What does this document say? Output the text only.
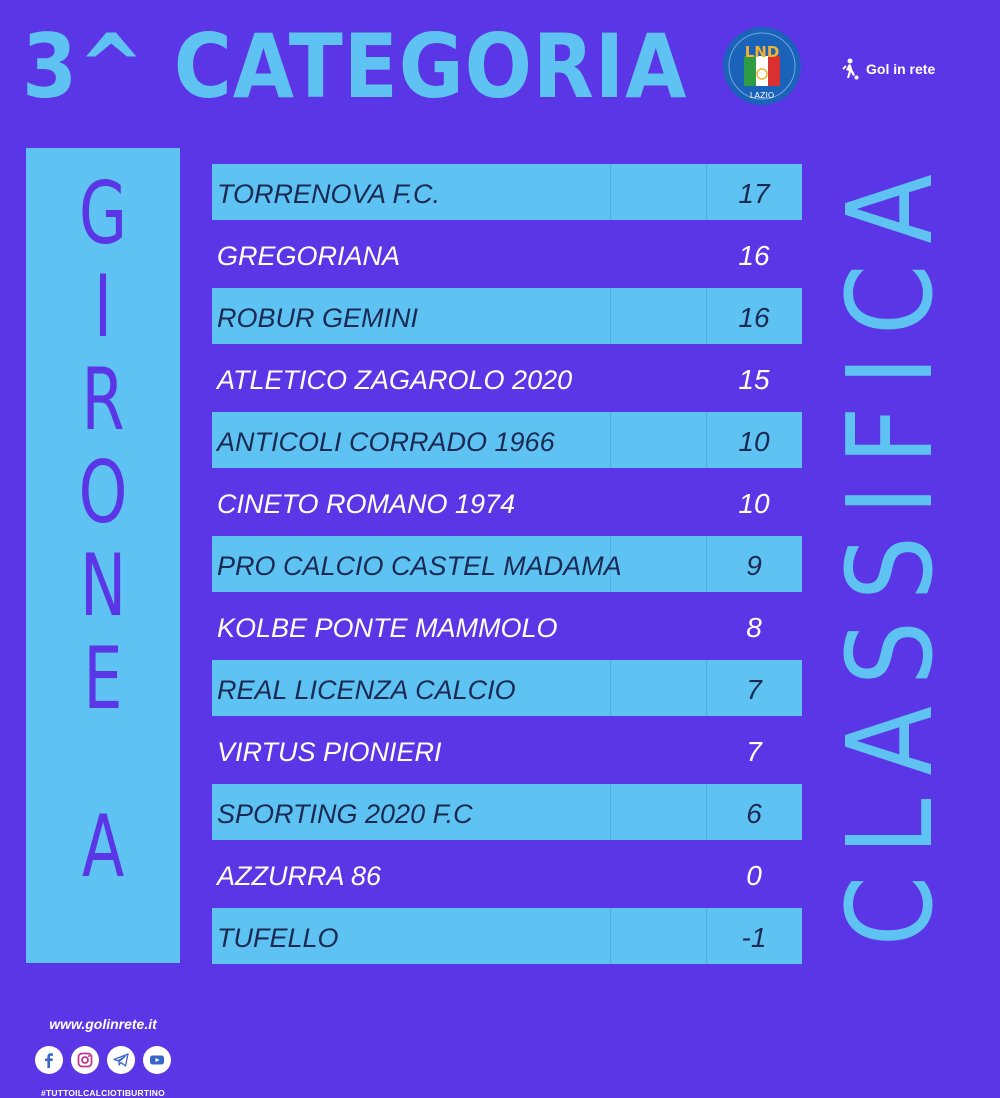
3^ CATEGORIA	LND
LAZIO
Gol in rete
G
I
R
O
N
E
A
www.golinrete.it
#TUTTOILCALCIOTIBURTINO
TORRENOVA F.C.	17
GREGORIANA	16
ROBUR GEMINI	16
ATLETICO ZAGAROLO 2020	15
ANTICOLI CORRADO 1966	10
CINETO ROMANO 1974	10
PRO CALCIO CASTEL MADAMA	9
KOLBE PONTE MAMMOLO	8
REAL LICENZA CALCIO	7
VIRTUS PIONIERI	7
SPORTING 2020 F.C	6
AZZURRA 86	0
TUFELLO	-1 CLASSIFICA
